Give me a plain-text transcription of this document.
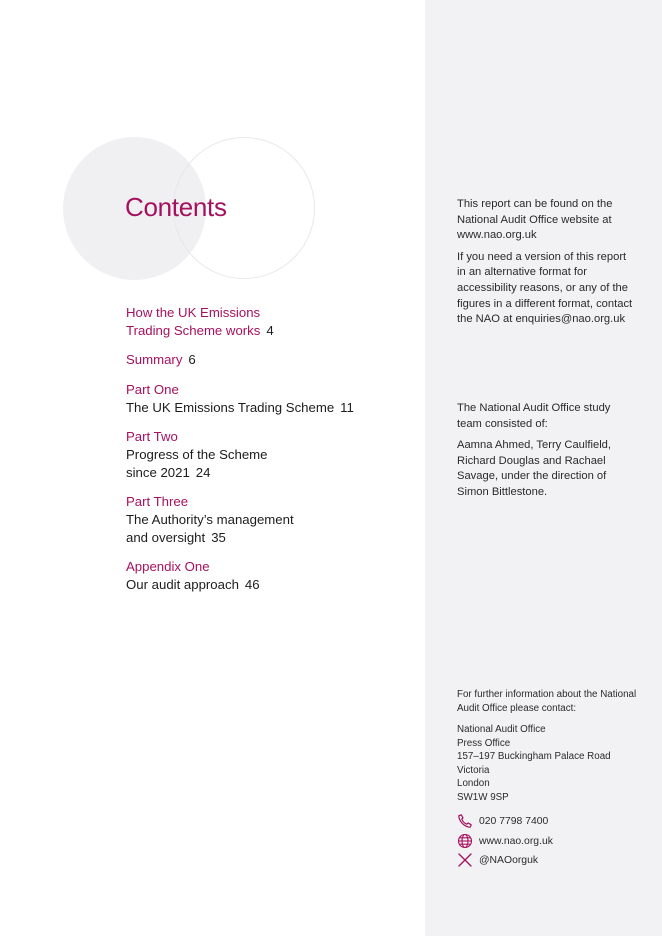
Contents
How the UK Emissions
Trading Scheme works 4
Summary 6
Part One
The UK Emissions Trading Scheme 11
Part Two
Progress of the Scheme
since 2021 24
Part Three
The Authority’s management
and oversight 35
Appendix One
Our audit approach 46

This report can be found on the National Audit Office website at www.nao.org.uk

If you need a version of this report in an alternative format for accessibility reasons, or any of the figures in a different format, contact the NAO at enquiries@nao.org.uk

The National Audit Office study team consisted of:

Aamna Ahmed, Terry Caulfield, Richard Douglas and Rachael Savage, under the direction of Simon Bittlestone.

For further information about the National Audit Office please contact:

National Audit Office
Press Office
157–197 Buckingham Palace Road
Victoria
London
SW1W 9SP

020 7798 7400
www.nao.org.uk
@NAOorguk
